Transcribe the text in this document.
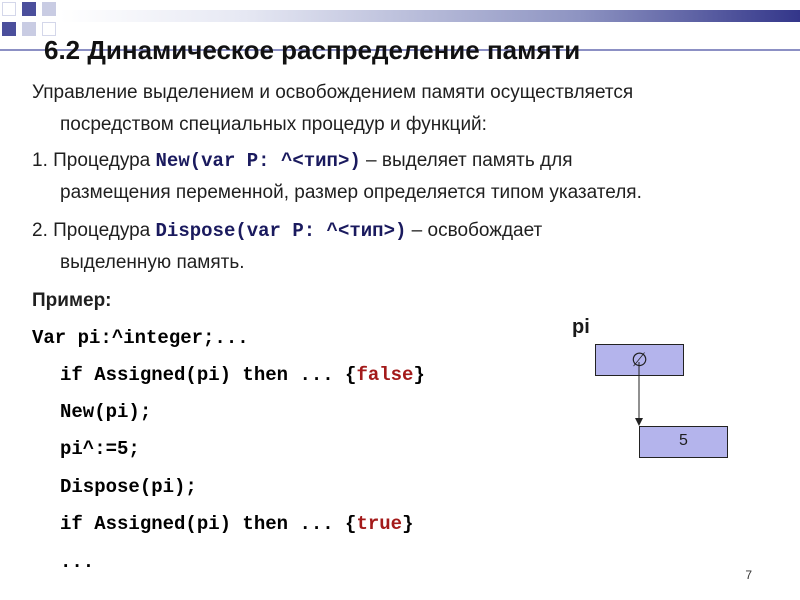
6.2 Динамическое распределение памяти
Управление выделением и освобождением памяти осуществляется
посредством специальных процедур и функций:
1. Процедура New(var P: ^<тип>) – выделяет память для
размещения переменной, размер определяется типом указателя.
2. Процедура Dispose(var P: ^<тип>) – освобождает
выделенную память.
Пример:
Var pi:^integer;...
if Assigned(pi) then ... {false}
New(pi);
pi^:=5;
Dispose(pi);
if Assigned(pi) then ... {true}
...
pi
∅
5
7
